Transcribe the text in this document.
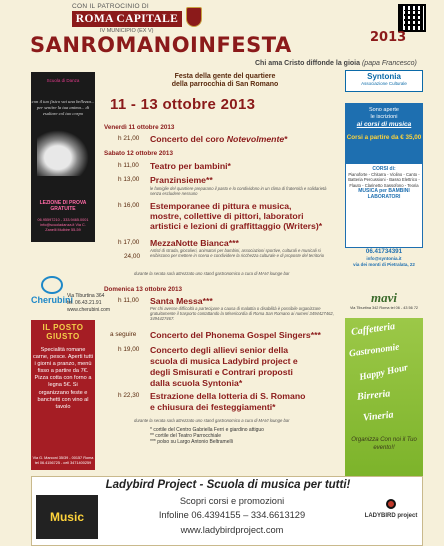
CON IL PATROCINIO DI
ROMA CAPITALE
IV MUNICIPIO (EX V)
SANROMANOINFESTA	2013
Chi ama Cristo diffonde la gioia (papa Francesco)
Scuola di Danza
con il tuo fisico vai una bellezza... per sentire la tua anima... di esultare col tuo corpo
LEZIONE DI PROVA GRATUITE
06.95597210 - 333.9465.0001 info@scuoladanza.it Via C. Zanelli Mulbire 55-59
Cherubini
Via Tiburtina 364
tel. 06.43.21.91
www.cherubini.com
IL POSTO GIUSTO
Specialità romane carne, pesce. Aperti tutti i giorni a pranzo, menù fisso a partire da 7€. Pizza cotta con forno a legna 5€. Si organizzano feste e banchetti con vino al tavolo
Via G. Marconi 35/39 - 00157 Roma tel 06.4156725 - cell 3471400259
Festa della gente del quartiere
della parrocchia di San Romano
11 - 13 ottobre 2013
Venerdì 11 ottobre 2013
h 21,00 Concerto del coro Notevolmente*
Sabato 12 ottobre 2013
h 11,00 Teatro per bambini*
h 13,00 Pranzinsieme**
le famiglie del quartiere preparano il pasto e lo condividono in un clima di fraternità e solidarietà senza escludere nessuno
h 16,00 Estemporanee di pittura e musica,
mostre, collettive di pittori, laboratori
artistici e lezioni di graffittaggio (Writers)*
h 17,00
24,00
MezzaNotte Bianca***
Artisti di strada, giocolieri, animatori per bambini, associazioni sportive, culturali e musicali si esibiscono per mettere in scena e condividere la ricchezza culturale e di proposte del territorio
durante la serata sarà attrezzato uno stand gastronomico a cura di MAVI lounge bar
Domenica 13 ottobre 2013
h 11,00 Santa Messa***
Per chi avesse difficoltà a partecipare a causa di malattia o disabilità è possibile organizzare gratuitamente il trasporto contattando la Misericordia di Roma San Romano ai numeri 3494427462, 3494427467.
a seguire Concerto del Phonema Gospel Singers***
h 19,00 Concerto degli allievi senior della
scuola di musica Ladybird project e
degli Smisurati e Contrari proposti
dalla scuola Syntonia*
h 22,30 Estrazione della lotteria di S. Romano
e chiusura dei festeggiamenti*
durante la serata sarà attrezzato uno stand gastronomico a cura di MAVI lounge bar
* cortile del Centro Gabriella Ferri e giardino attiguo
** cortile del Teatro Parrocchiale
*** polso su Largo Antonio Beltramelli
Syntonia
Associazione Culturale
Sono aperte
le iscrizioni
ai corsi di musica
Corsi a partire da € 35,00
CORSI di:
Pianoforte - Chitarra - Violino - Canto - Batteria Percussioni - Basso Elettrico - Flauto - Clarinetto Sassofono - Teoria
MUSICA per BAMBINI
LABORATORI
06.41734391
info@syntonia.it
via dei monti di Pietralata, 22
mavi
Via Tiburtina 342 Roma tel 06 - 43 56 72
Caffetteria
Gastronomie
Happy Hour
Birreria
Vineria
Organizza Con noi il Tuo evento!!
Ladybird Project - Scuola di musica per tutti!
Scopri corsi e promozioni
Infoline 06.4394155 – 334.6613129
www.ladybirdproject.com
Music	LADYBIRD project
